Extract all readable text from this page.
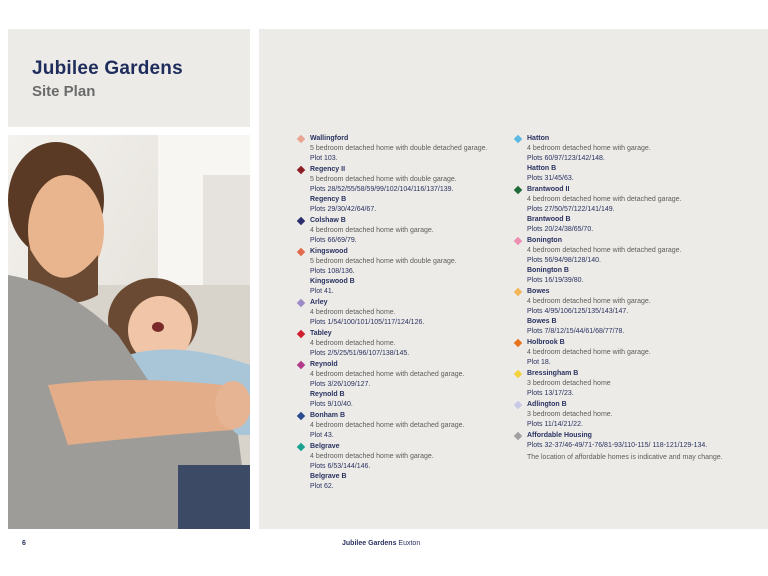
Jubilee Gardens
Site Plan
Wallingford
5 bedroom detached home with double detached garage.
Plot 103.
Regency II
5 bedroom detached home with double garage.
Plots 28/52/55/58/59/99/102/104/116/137/139.
Regency B
Plots 29/30/42/64/67.
Colshaw B
4 bedroom detached home with garage.
Plots 66/69/79.
Kingswood
5 bedroom detached home with double garage.
Plots 108/136.
Kingswood B
Plot 41.
Arley
4 bedroom detached home.
Plots 1/54/100/101/105/117/124/126.
Tabley
4 bedroom detached home.
Plots 2/5/25/51/96/107/138/145.
Reynold
4 bedroom detached home with detached garage.
Plots 3/26/109/127.
Reynold B
Plots 9/10/40.
Bonham B
4 bedroom detached home with detached garage.
Plot 43.
Belgrave
4 bedroom detached home with garage.
Plots 6/53/144/146.
Belgrave B
Plot 62.
Hatton
4 bedroom detached home with garage.
Plots 60/97/123/142/148.
Hatton B
Plots 31/45/63.
Brantwood II
4 bedroom detached home with detached garage.
Plots 27/50/57/122/141/149.
Brantwood B
Plots 20/24/38/65/70.
Bonington
4 bedroom detached home with detached garage.
Plots 56/94/98/128/140.
Bonington B
Plots 16/19/39/80.
Bowes
4 bedroom detached home with garage.
Plots 4/95/106/125/135/143/147.
Bowes B
Plots 7/8/12/15/44/61/68/77/78.
Holbrook B
4 bedroom detached home with garage.
Plot 18.
Bressingham B
3 bedroom detached home
Plots 13/17/23.
Adlington B
3 bedroom detached home.
Plots 11/14/21/22.
Affordable Housing
Plots 32-37/46-49/71-76/81-93/110-115/ 118-121/129-134.
The location of affordable homes is indicative and may change.
6	Jubilee Gardens Euxton
